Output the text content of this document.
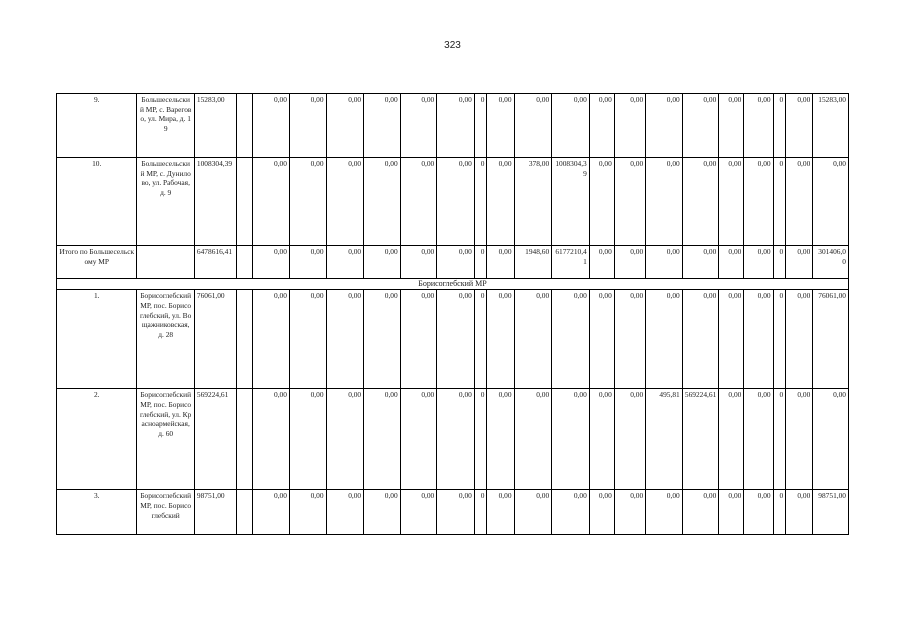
323
9.	Большесельский МР, с. Вареговo, ул. Мира, д. 19	15283,00		0,00	0,00	0,00	0,00	0,00	0,00	0	0,00	0,00	0,00	0,00	0,00	0,00	0,00	0,00	0,00	0	0,00	15283,00
10.	Большесельский МР, с. Дунилово, ул. Рабочая, д. 9	1008304,39		0,00	0,00	0,00	0,00	0,00	0,00	0	0,00	378,00	1008304,39	0,00	0,00	0,00	0,00	0,00	0,00	0	0,00	0,00
Итого по Большесельскому МР		6478616,41		0,00	0,00	0,00	0,00	0,00	0,00	0	0,00	1948,60	6177210,41	0,00	0,00	0,00	0,00	0,00	0,00	0	0,00	301406,00
Борисоглебский МР																						
1.	Борисоглебский МР, пос. Борисоглебский, ул. Вощажниковская, д. 28	76061,00		0,00	0,00	0,00	0,00	0,00	0,00	0	0,00	0,00	0,00	0,00	0,00	0,00	0,00	0,00	0,00	0	0,00	76061,00
2.	Борисоглебский МР, пос. Борисоглебский, ул. Красноармейская, д. 60	569224,61		0,00	0,00	0,00	0,00	0,00	0,00	0	0,00	0,00	0,00	0,00	0,00	495,81	569224,61	0,00	0,00	0	0,00	0,00
3.	Борисоглебский МР, пос. Борисоглебский	98751,00		0,00	0,00	0,00	0,00	0,00	0,00	0	0,00	0,00	0,00	0,00	0,00	0,00	0,00	0,00	0,00	0	0,00	98751,00
